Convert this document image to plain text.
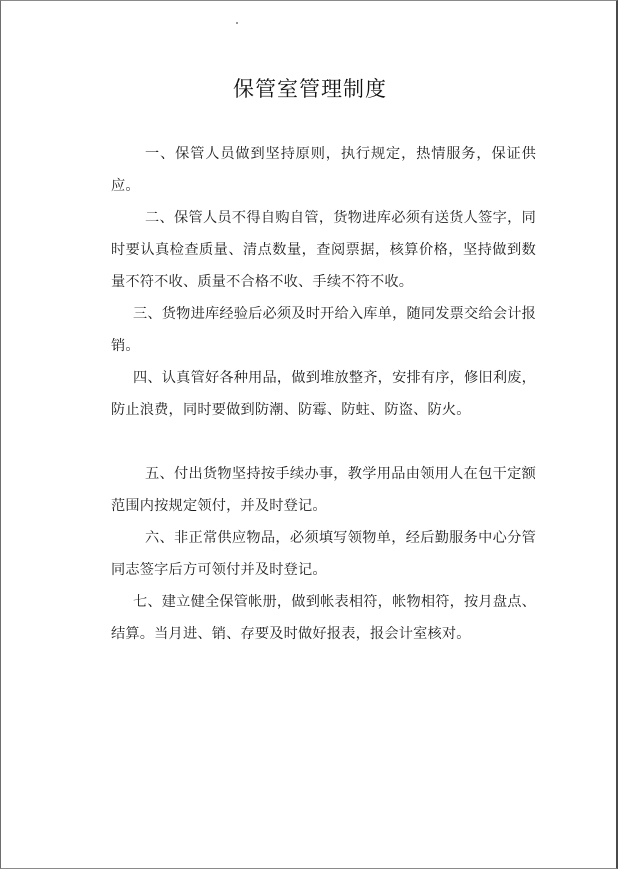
保管室管理制度

一、保管人员做到坚持原则，执行规定，热情服务，保证供应。

二、保管人员不得自购自管，货物进库必须有送货人签字，同时要认真检查质量、清点数量，查阅票据，核算价格，坚持做到数量不符不收、质量不合格不收、手续不符不收。

三、货物进库经验后必须及时开给入库单，随同发票交给会计报销。

四、认真管好各种用品，做到堆放整齐，安排有序，修旧利废，防止浪费，同时要做到防潮、防霉、防蛀、防盗、防火。

五、付出货物坚持按手续办事，教学用品由领用人在包干定额范围内按规定领付，并及时登记。

六、非正常供应物品，必须填写领物单，经后勤服务中心分管同志签字后方可领付并及时登记。

七、建立健全保管帐册，做到帐表相符，帐物相符，按月盘点、结算。当月进、销、存要及时做好报表，报会计室核对。
